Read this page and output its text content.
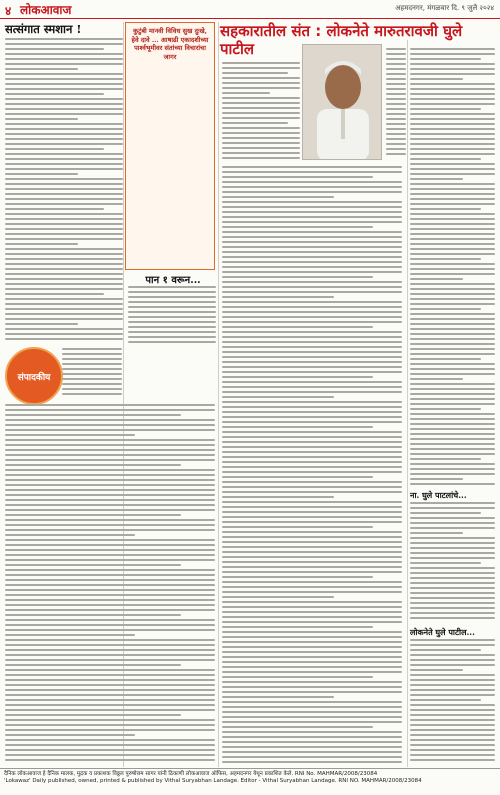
४ लोकआवाज	अहमदनगर, मंगळवार दि. ९ जुलै २०२४
सत्संगात स्मशान !	कुटुंबी मानवी विविध सुख दुःखे, हेवे दावे ... आषाढी एकादशीच्या पार्श्वभूमीवर संतांच्या विचारांचा जागर

सहकारातील संत : लोकनेते मारुतरावजी घुले पाटील
ना. घुले पाटलांचे...
लोकनेते घुले पाटील...
संपादकीय
पान १ वरून...
दैनिक लोकआवाज हे दैनिक मालक, मुद्रक व प्रकाशक विठ्ठल पुरुषोत्तम सागर यांनी ठिकाणी लोकआवाज ऑफिस, अहमदनगर येथून प्रकाशित केले. RNI No. MAHMAR/2008/23084
'Lokawaz' Daily published, owned, printed & published by Vithal Suryabhan Landage. Editor - Vithal Suryabhan Landage. RNI NO. MAHMAR/2008/23084
